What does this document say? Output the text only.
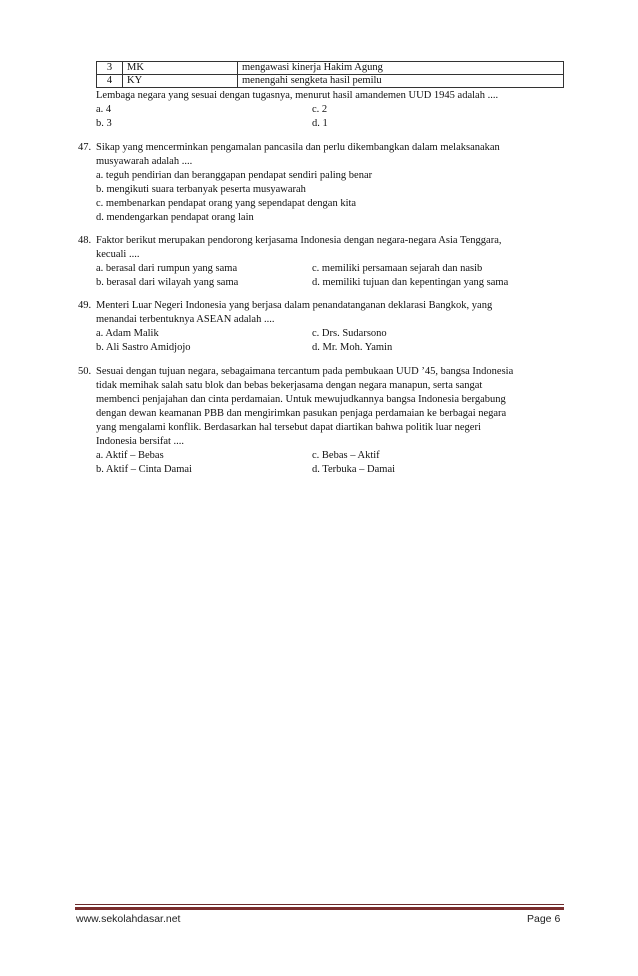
3	MK	mengawasi kinerja Hakim Agung
4	KY	menengahi sengketa hasil pemilu
Lembaga negara yang sesuai dengan tugasnya, menurut hasil amandemen UUD 1945 adalah ....
a. 4	c. 2
b. 3	d. 1
47. Sikap yang mencerminkan pengamalan pancasila dan perlu dikembangkan dalam melaksanakan
musyawarah adalah ....
a. teguh pendirian dan beranggapan pendapat sendiri paling benar
b. mengikuti suara terbanyak peserta musyawarah
c. membenarkan pendapat orang yang sependapat dengan kita
d. mendengarkan pendapat orang lain
48. Faktor berikut merupakan pendorong kerjasama Indonesia dengan negara-negara Asia Tenggara,
kecuali ....
a. berasal dari rumpun yang sama	c. memiliki persamaan sejarah dan nasib
b. berasal dari wilayah yang sama	d. memiliki tujuan dan kepentingan yang sama
49. Menteri Luar Negeri Indonesia yang berjasa dalam penandatanganan deklarasi Bangkok, yang
menandai terbentuknya ASEAN adalah ....
a. Adam Malik	c. Drs. Sudarsono
b. Ali Sastro Amidjojo	d. Mr. Moh. Yamin
50. Sesuai dengan tujuan negara, sebagaimana tercantum pada pembukaan UUD ’45, bangsa Indonesia
tidak memihak salah satu blok dan bebas bekerjasama dengan negara manapun, serta sangat
membenci penjajahan dan cinta perdamaian. Untuk mewujudkannya bangsa Indonesia bergabung
dengan dewan keamanan PBB dan mengirimkan pasukan penjaga perdamaian ke berbagai negara
yang mengalami konflik. Berdasarkan hal tersebut dapat diartikan bahwa politik luar negeri
Indonesia bersifat ....
a. Aktif – Bebas	c. Bebas – Aktif
b. Aktif – Cinta Damai	d. Terbuka – Damai
www.sekolahdasar.net	Page 6
